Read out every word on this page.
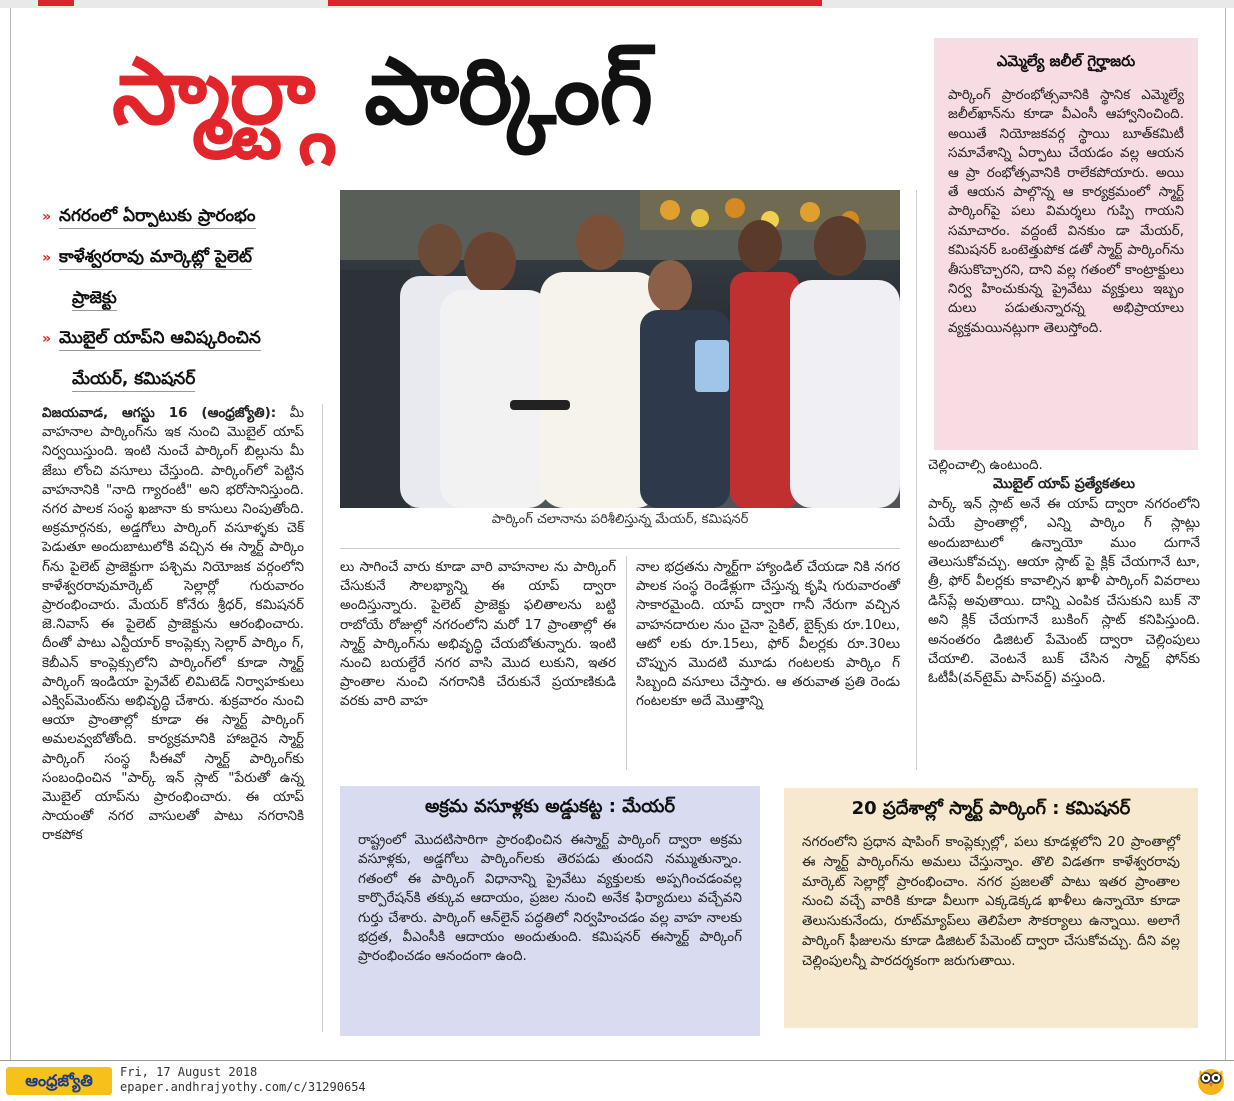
స్మార్ట్గా పార్కింగ్
» నగరంలో ఏర్పాటుకు ప్రారంభం
» కాళేశ్వరరావు మార్కెట్లో పైలెట్
ప్రాజెక్టు
» మొబైల్ యాప్‌ని ఆవిష్కరించిన
మేయర్, కమిషనర్
పార్కింగ్ చలానాను పరిశీలిస్తున్న మేయర్, కమిషనర్
విజయవాడ, ఆగస్టు 16 (ఆంధ్రజ్యోతి): మీ వాహనాల పార్కింగ్‌ను ఇక నుంచి మొబైల్ యాప్ నిర్వయిస్తుంది. ఇంటి నుంచే పార్కింగ్ బిల్లును మీ జేబు లోంచి వసూలు చేస్తుంది. పార్కింగ్‌లో పెట్టిన వాహనానికి "నాది గ్యారంటీ" అని భరోసానిస్తుంది. నగర పాలక సంస్థ ఖజానా కు కాసులు నింపుతోంది. అక్రమార్గనకు, అడ్డగోలు పార్కింగ్ వసూళ్ళకు చెక్ పెడుతూ అందుబాటులోకి వచ్చిన ఈ స్మార్ట్ పార్కిం గ్‌ను పైలెట్ ప్రాజెక్టుగా పశ్చిమ నియోజక వర్గంలోని కాళేశ్వరరావుమార్కెట్ సెల్లార్లో గురువారం ప్రారంభించారు. మేయర్ కోనేరు శ్రీధర్, కమిషనర్ జె.నివాస్ ఈ పైలెట్ ప్రాజెక్టును ఆరంభించారు. దీంతో పాటు ఎన్టీయార్ కాంప్లెక్సు సెల్లార్ పార్కిం గ్, కెబీఎన్ కాంప్లెక్సులోని పార్కింగ్‌లో కూడా స్మార్ట్ పార్కింగ్ ఇండియా ప్రైవేట్ లిమిటెడ్ నిర్వాహకులు ఎక్విప్‌మెంట్‌ను అభివృద్ధి చేశారు. శుక్రవారం నుంచి ఆయా ప్రాంతాల్లో కూడా ఈ స్మార్ట్ పార్కింగ్ అమలవ్వబోతోంది. కార్యక్రమానికి హాజరైన స్మార్ట్ పార్కింగ్ సంస్థ సీఈవో స్మార్ట్ పార్కింగ్‌కు సంబంధించిన "పార్క్ ఇన్ స్లాట్ "పేరుతో ఉన్న మొబైల్ యాప్‌ను ప్రారంభించారు. ఈ యాప్ సాయంతో నగర వాసులతో పాటు నగరానికి రాకపోక
లు సాగించే వారు కూడా వారి వాహనాల ను పార్కింగ్ చేసుకునే సౌలభ్యాన్ని ఈ యాప్ ద్వారా అందిస్తున్నారు. పైలెట్ ప్రాజెక్టు ఫలితాలను బట్టి రాబోయే రోజుల్లో నగరంలోని మరో 17 ప్రాంతాల్లో ఈ స్మార్ట్ పార్కింగ్‌ను అభివృద్ధి చేయబోతున్నారు. ఇంటి నుంచి బయల్దేరే నగర వాసి మొద లుకుని, ఇతర ప్రాంతాల నుంచి నగరానికి చేరుకునే ప్రయాణికుడి వరకు వారి వాహ
నాల భద్రతను స్మార్ట్‌గా హ్యాండిల్ చేయడా నికి నగర పాలక సంస్థ రెండేళ్లుగా చేస్తున్న కృషి గురువారంతో సాకారమైంది. యాప్ ద్వారా గానీ నేరుగా వచ్చిన వాహనదారుల నుం చైనా సైకిల్, బైక్స్‌కు రూ.10లు, ఆటో లకు రూ.15లు, ఫోర్ వీలర్లకు రూ.30లు చొప్పున మొదటి మూడు గంటలకు పార్కిం గ్ సిబ్బంది వసూలు చేస్తారు. ఆ తరువాత ప్రతి రెండు గంటలకూ అదే మొత్తాన్ని
ఎమ్మెల్యే జలీల్ గైర్హాజరు

పార్కింగ్ ప్రారంభోత్సవానికి స్థానిక ఎమ్మెల్యే జలీల్‌ఖాన్‌ను కూడా వీఎంసీ ఆహ్వానించింది. అయితే నియోజకవర్గ స్థాయి బూత్‌కమిటీ సమావేశాన్ని ఏర్పాటు చేయడం వల్ల ఆయన ఆ ప్రా రంభోత్సవానికి రాలేకపోయారు. అయి తే ఆయన పాల్గొన్న ఆ కార్యక్రమంలో స్మార్ట్ పార్కింగ్‌పై పలు విమర్శలు గుప్పి గాయని సమాచారం. వద్దంటే వినకుం డా మేయర్, కమిషనర్ ఒంటెత్తుపోక డతో స్మార్ట్ పార్కింగ్‌ను తీసుకొచ్చారని, దాని వల్ల గతంలో కాంట్రాక్టులు నిర్వ హించుకున్న ప్రైవేటు వ్యక్తులు ఇబ్బం దులు పడుతున్నారన్న అభిప్రాయాలు వ్యక్తమయినట్లుగా తెలుస్తోంది.

చెల్లించాల్సి ఉంటుంది.
మొబైల్ యాప్ ప్రత్యేకతలు
పార్క్ ఇన్ స్లాట్ అనే ఈ యాప్ ద్వారా నగరంలోని ఏయే ప్రాంతాల్లో, ఎన్ని పార్కిం గ్ స్లాట్లు అందుబాటులో ఉన్నాయో ముం దుగానే తెలుసుకోవచ్చు. ఆయా స్లాట్ పై క్లిక్ చేయగానే టూ, త్రీ, ఫోర్ వీలర్లకు కావాల్సిన ఖాళీ పార్కింగ్ వివరాలు డిస్‌ప్లే అవుతాయి. దాన్ని ఎంపిక చేసుకుని బుక్ నౌ అని క్లిక్ చేయగానే బుకింగ్ స్లాట్ కనిపిస్తుంది. అనంతరం డిజిటల్ పేమెంట్ ద్వారా చెల్లింపులు చేయాలి. వెంటనే బుక్ చేసిన స్మార్ట్ ఫోన్‌కు ఓటీపీ(వన్‌టైమ్ పాస్‌వర్డ్) వస్తుంది.
అక్రమ వసూళ్లకు అడ్డుకట్ట : మేయర్

రాష్ట్రంలో మొదటిసారిగా ప్రారంభించిన ఈస్మార్ట్ పార్కింగ్ ద్వారా అక్రమ వసూళ్లకు, అడ్డగోలు పార్కింగ్‌లకు తెరపడు తుందని నమ్ముతున్నాం. గతంలో ఈ పార్కింగ్ విధానాన్ని ప్రైవేటు వ్యక్తులకు అప్పగించడంవల్ల కార్పొరేషన్‌కి తక్కువ ఆదాయం, ప్రజల నుంచి అనేక ఫిర్యాదులు వచ్చేవని గుర్తు చేశారు. పార్కింగ్ ఆన్‌లైన్ పద్ధతిలో నిర్వహించడం వల్ల వాహ నాలకు భద్రత, వీఎంసీకి ఆదాయం అందుతుంది. కమిషనర్ ఈస్మార్ట్ పార్కింగ్ ప్రారంభించడం ఆనందంగా ఉంది.

20 ప్రదేశాల్లో స్మార్ట్ పార్కింగ్ : కమిషనర్

నగరంలోని ప్రధాన షాపింగ్ కాంప్లెక్సుల్లో, పలు కూడళ్లలోని 20 ప్రాంతాల్లో ఈ స్మార్ట్ పార్కింగ్‌ను అమలు చేస్తున్నాం. తొలి విడతగా కాళేశ్వరరావు మార్కెట్ సెల్లార్లో ప్రారంభించాం. నగర ప్రజలతో పాటు ఇతర ప్రాంతాల నుంచి వచ్చే వారికి కూడా వీలుగా ఎక్కడెక్కడ ఖాళీలు ఉన్నాయో కూడా తెలుసుకునేందు, రూట్‌మ్యాప్‌లు తెలిపేలా సౌకర్యాలు ఉన్నాయి. అలాగే పార్కింగ్ ఫీజులను కూడా డిజిటల్ పేమెంట్ ద్వారా చేసుకోవచ్చు. దీని వల్ల చెల్లింపులన్నీ పారదర్శకంగా జరుగుతాయి.

ఆంధ్రజ్యోతి	Fri, 17 August 2018
epaper.andhrajyothy.com/c/31290654
